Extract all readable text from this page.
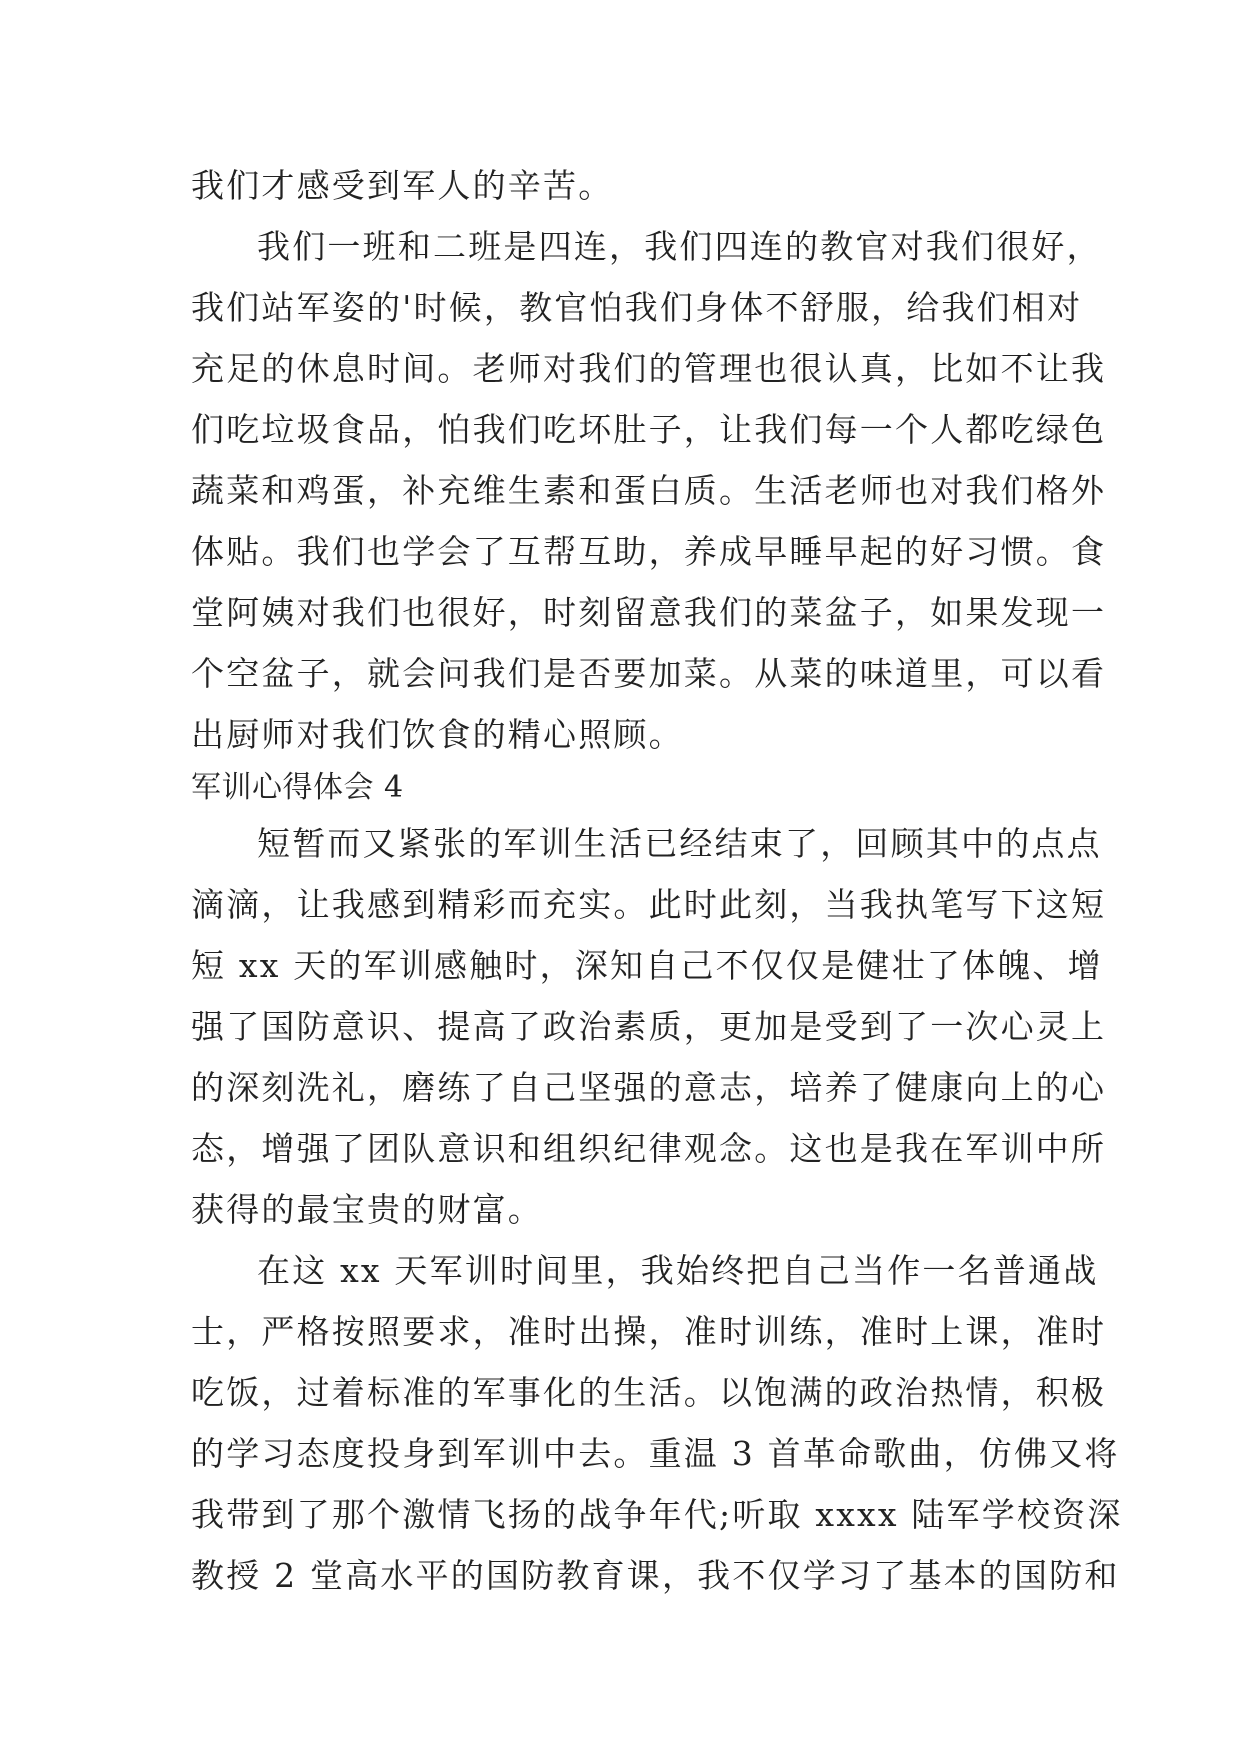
我们才感受到军人的辛苦。
我们一班和二班是四连，我们四连的教官对我们很好，
我们站军姿的'时候，教官怕我们身体不舒服，给我们相对
充足的休息时间。老师对我们的管理也很认真，比如不让我
们吃垃圾食品，怕我们吃坏肚子，让我们每一个人都吃绿色
蔬菜和鸡蛋，补充维生素和蛋白质。生活老师也对我们格外
体贴。我们也学会了互帮互助，养成早睡早起的好习惯。食
堂阿姨对我们也很好，时刻留意我们的菜盆子，如果发现一
个空盆子，就会问我们是否要加菜。从菜的味道里，可以看
出厨师对我们饮食的精心照顾。
军训心得体会 4
短暂而又紧张的军训生活已经结束了，回顾其中的点点
滴滴，让我感到精彩而充实。此时此刻，当我执笔写下这短
短 xx 天的军训感触时，深知自己不仅仅是健壮了体魄、增
强了国防意识、提高了政治素质，更加是受到了一次心灵上
的深刻洗礼，磨练了自己坚强的意志，培养了健康向上的心
态，增强了团队意识和组织纪律观念。这也是我在军训中所
获得的最宝贵的财富。
在这 xx 天军训时间里，我始终把自己当作一名普通战
士，严格按照要求，准时出操，准时训练，准时上课，准时
吃饭，过着标准的军事化的生活。以饱满的政治热情，积极
的学习态度投身到军训中去。重温 3 首革命歌曲，仿佛又将
我带到了那个激情飞扬的战争年代;听取 xxxx 陆军学校资深
教授 2 堂高水平的国防教育课，我不仅学习了基本的国防和
